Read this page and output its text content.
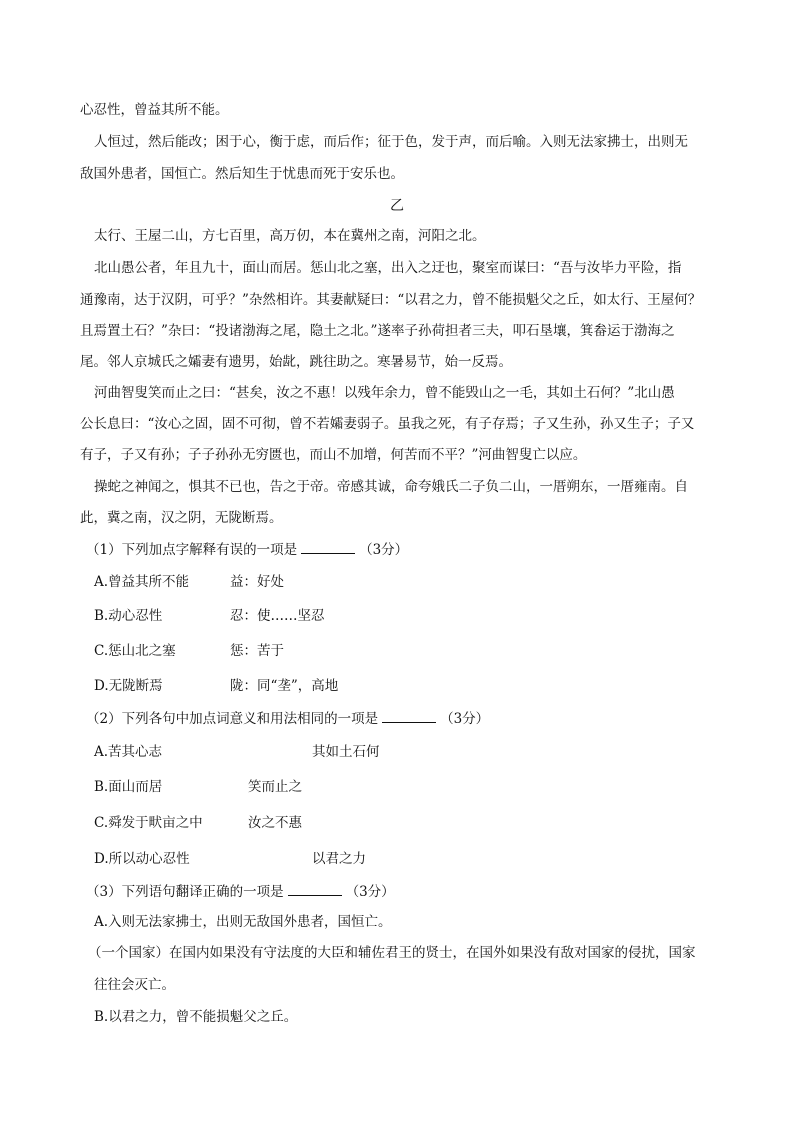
心忍性，曾益其所不能。
人恒过，然后能改；困于心，衡于虑，而后作；征于色，发于声，而后喻。入则无法家拂士，出则无
敌国外患者，国恒亡。然后知生于忧患而死于安乐也。
乙
太行、王屋二山，方七百里，高万仞，本在冀州之南，河阳之北。
北山愚公者，年且九十，面山而居。惩山北之塞，出入之迂也，聚室而谋曰：“吾与汝毕力平险，指
通豫南，达于汉阴，可乎？”杂然相许。其妻献疑曰：“以君之力，曾不能损魁父之丘，如太行、王屋何？
且焉置土石？”杂曰：“投诸渤海之尾，隐土之北。”遂率子孙荷担者三夫，叩石垦壤，箕畚运于渤海之
尾。邻人京城氏之孀妻有遗男，始龀，跳往助之。寒暑易节，始一反焉。
河曲智叟笑而止之曰：“甚矣，汝之不惠！以残年余力，曾不能毁山之一毛，其如土石何？”北山愚
公长息曰：“汝心之固，固不可彻，曾不若孀妻弱子。虽我之死，有子存焉；子又生孙，孙又生子；子又
有子，子又有孙；子子孙孙无穷匮也，而山不加增，何苦而不平？”河曲智叟亡以应。
操蛇之神闻之，惧其不已也，告之于帝。帝感其诚，命夸娥氏二子负二山，一厝朔东，一厝雍南。自
此，冀之南，汉之阴，无陇断焉。
（1）下列加点字解释有误的一项是	（3分）
A.曾益其所不能	益：好处
B.动心忍性	忍：使……坚忍
C.惩山北之塞	惩：苦于
D.无陇断焉	陇：同“垄”，高地
（2）下列各句中加点词意义和用法相同的一项是	（3分）
A.苦其心志	其如土石何
B.面山而居	笑而止之
C.舜发于畎亩之中	汝之不惠
D.所以动心忍性	以君之力
（3）下列语句翻译正确的一项是	（3分）
A.入则无法家拂士，出则无敌国外患者，国恒亡。
（一个国家）在国内如果没有守法度的大臣和辅佐君王的贤士，在国外如果没有敌对国家的侵扰，国家
往往会灭亡。
B.以君之力，曾不能损魁父之丘。
